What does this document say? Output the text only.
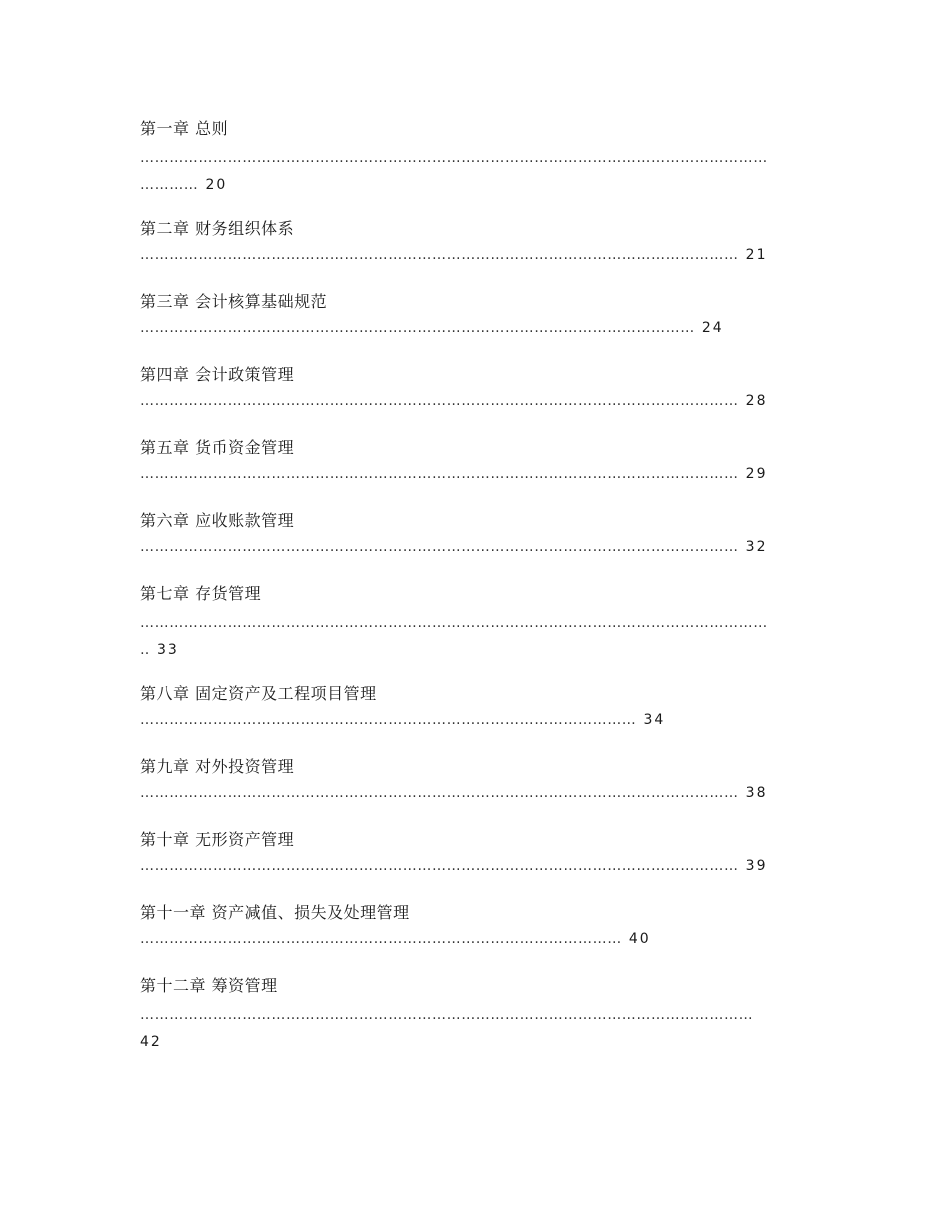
第一章 总则
…………………………………………………………………………………………………………………
………… 20
第二章 财务组织体系
…………………………………………………………………………………………………………… 21
第三章 会计核算基础规范
…………………………………………………………………………………………………… 24
第四章 会计政策管理
…………………………………………………………………………………………………………… 28
第五章 货币资金管理
…………………………………………………………………………………………………………… 29
第六章 应收账款管理
…………………………………………………………………………………………………………… 32
第七章 存货管理
…………………………………………………………………………………………………………………
‥ 33
第八章 固定资产及工程项目管理
………………………………………………………………………………………… 34
第九章 对外投资管理
…………………………………………………………………………………………………………… 38
第十章 无形资产管理
…………………………………………………………………………………………………………… 39
第十一章 资产减值、损失及处理管理
……………………………………………………………………………………… 40
第十二章 筹资管理
………………………………………………………………………………………………………………
42
